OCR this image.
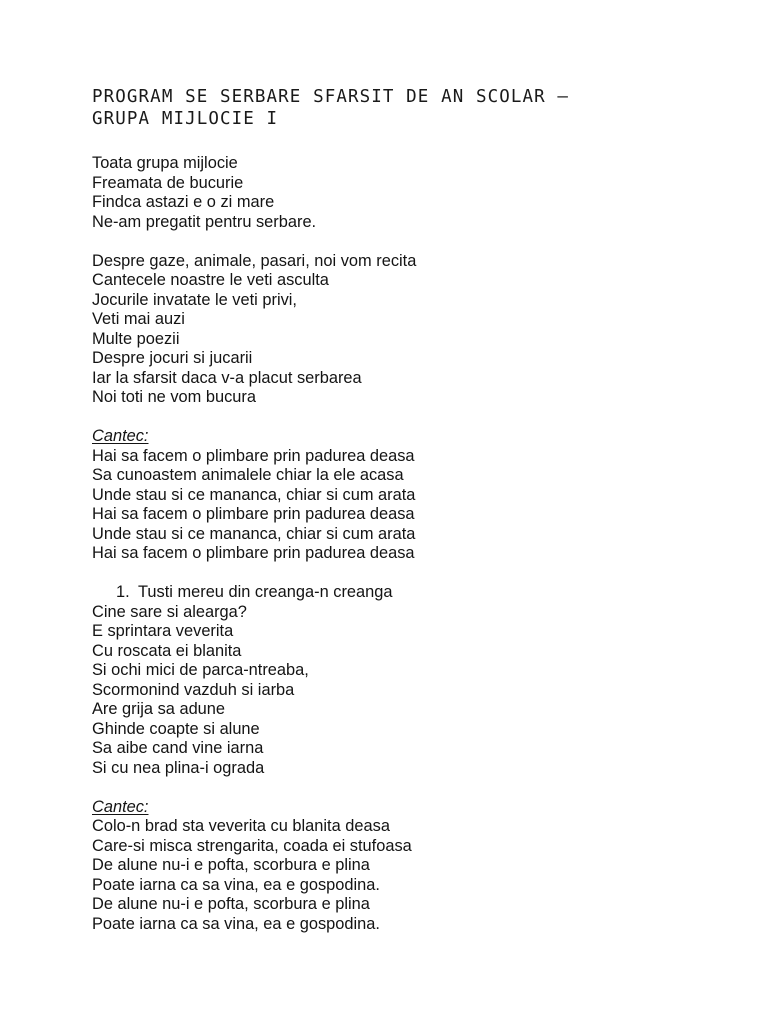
PROGRAM SE SERBARE SFARSIT DE AN SCOLAR –
GRUPA MIJLOCIE I
Toata grupa mijlocie
Freamata de bucurie
Findca astazi e o zi mare
Ne-am pregatit pentru serbare.
Despre gaze, animale, pasari, noi vom recita
Cantecele noastre le veti asculta
Jocurile invatate le veti privi,
Veti mai auzi
Multe poezii
Despre jocuri si jucarii
Iar la sfarsit daca v-a placut serbarea
Noi toti ne vom bucura
Cantec:
Hai sa facem o plimbare prin padurea deasa
Sa cunoastem animalele chiar la ele acasa
Unde stau si ce mananca, chiar si cum arata
Hai sa facem o plimbare prin padurea deasa
Unde stau si ce mananca, chiar si cum arata
Hai sa facem o plimbare prin padurea deasa
1. Tusti mereu din creanga-n creanga
Cine sare si alearga?
E sprintara veverita
Cu roscata ei blanita
Si ochi mici de parca-ntreaba,
Scormonind vazduh si iarba
Are grija sa adune
Ghinde coapte si alune
Sa aibe cand vine iarna
Si cu nea plina-i ograda
Cantec:
Colo-n brad sta veverita cu blanita deasa
Care-si misca strengarita, coada ei stufoasa
De alune nu-i e pofta, scorbura e plina
Poate iarna ca sa vina, ea e gospodina.
De alune nu-i e pofta, scorbura e plina
Poate iarna ca sa vina, ea e gospodina.
